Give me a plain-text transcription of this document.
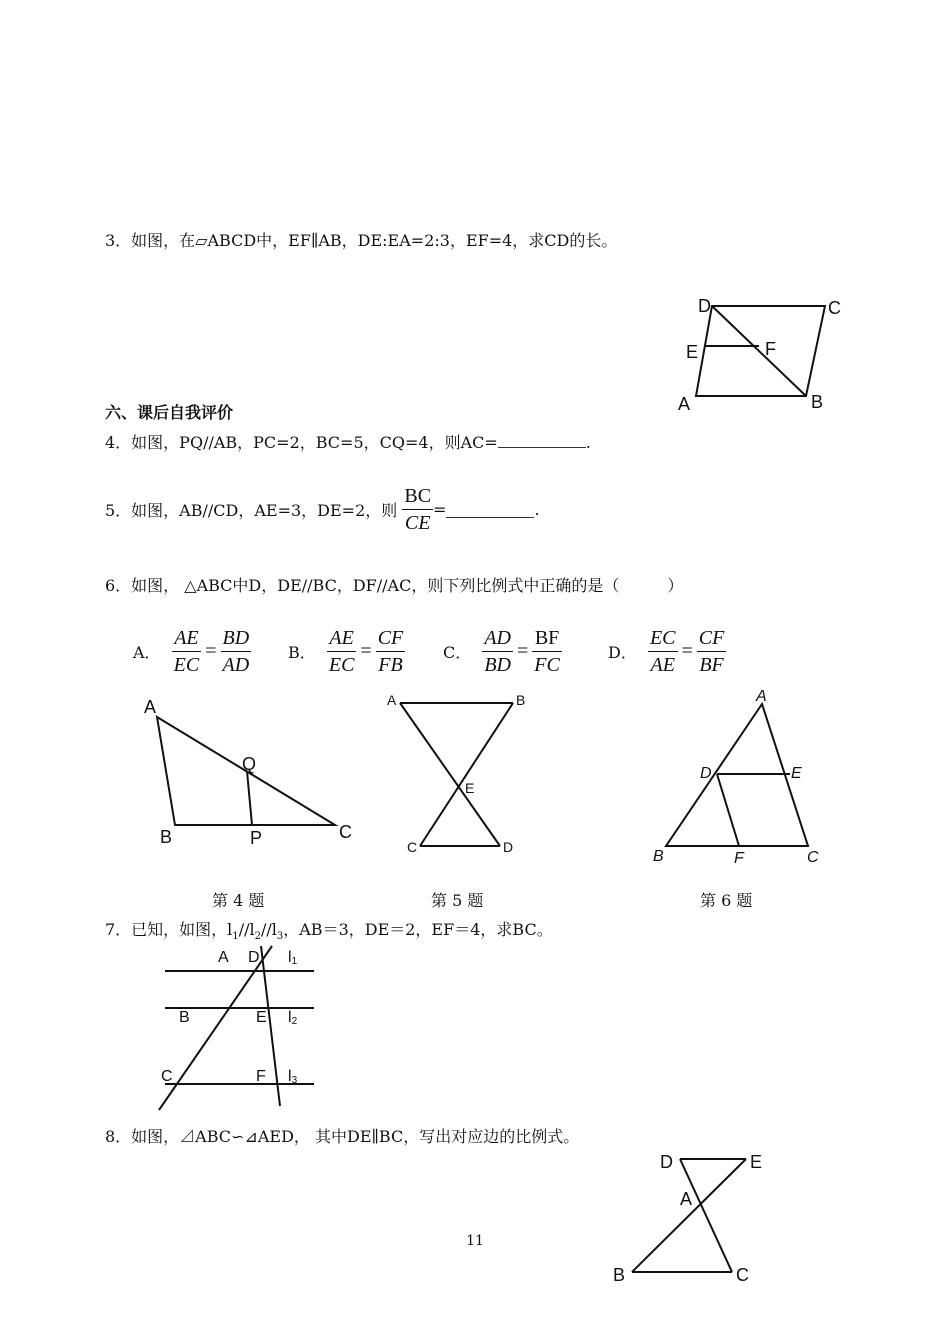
3．如图，在▱ABCD中，EF∥AB，DE:EA=2:3，EF=4，求CD的长。
D	C
E	F
A	B
六、课后自我评价
4．如图，PQ//AB，PC=2，BC=5，CQ=4，则AC=	.
5．如图，AB//CD，AE=3，DE=2，则 $\frac{BC}{CE}$ =	.
6．如图， △ABC中D，DE//BC，DF//AC，则下列比例式中正确的是（　　　）
A． $\frac{AE}{EC} = \frac{BD}{AD}$ B． $\frac{AE}{EC} = \frac{CF}{FB}$ C． $\frac{AD}{BD} = \frac{BF}{FC}$	D． $\frac{EC}{AE} = \frac{CF}{BF}$
A
Q
B	P	C
A	B
E
C	D
A
D	E
B	F	C
第 4 题	第 5 题	第 6 题
7．已知，如图，$l_1//l_2//l_3$，AB＝3，DE＝2，EF＝4，求BC。
A D l1
B	E l2
C	F l3
8．如图，⊿ABC∽⊿AED， 其中DE∥BC，写出对应边的比例式。
D	E
A
B	C
11
